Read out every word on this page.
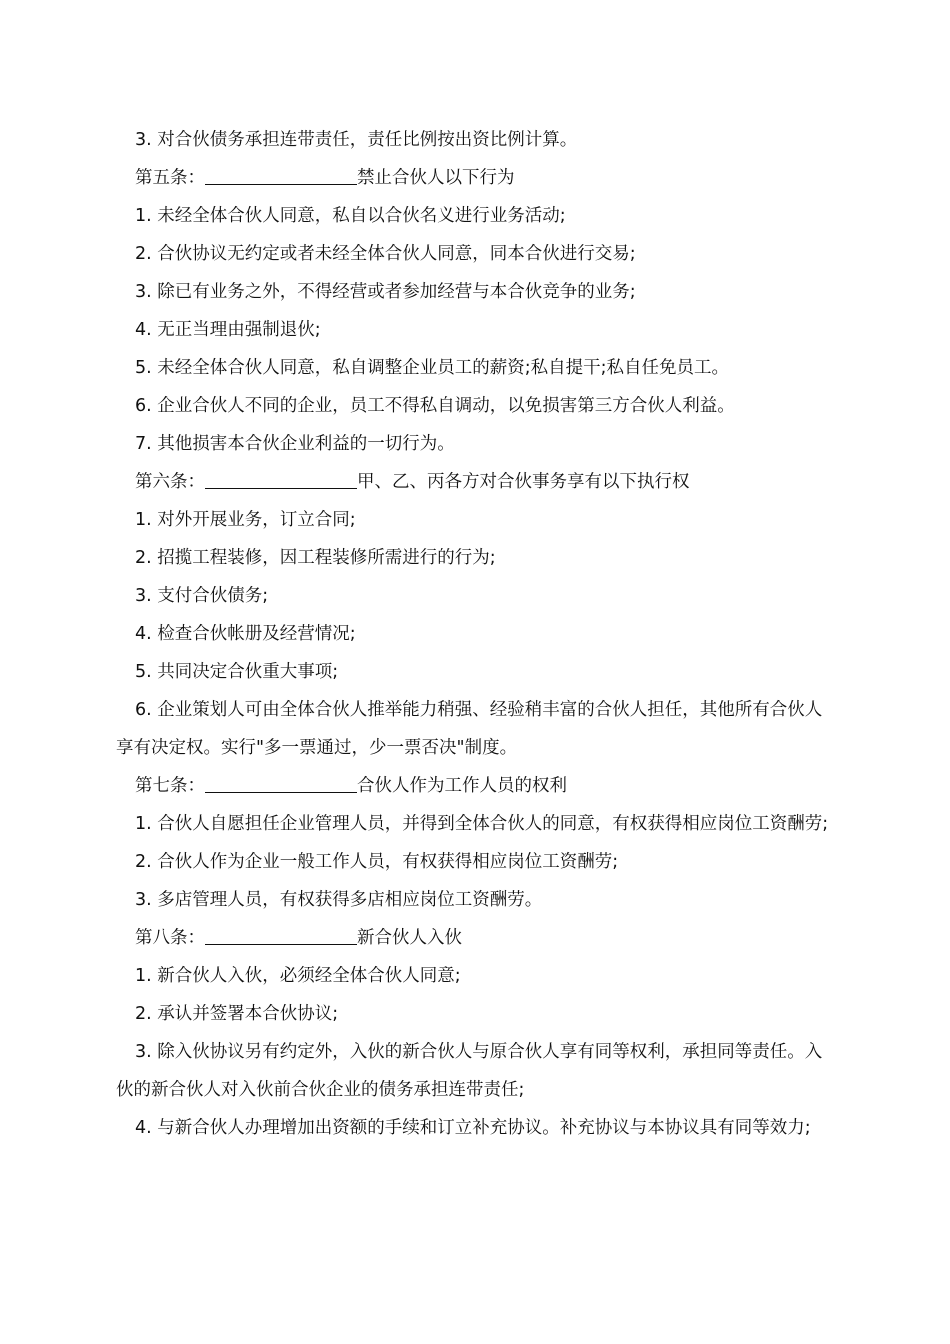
3. 对合伙债务承担连带责任，责任比例按出资比例计算。

第五条：	禁止合伙人以下行为

1. 未经全体合伙人同意，私自以合伙名义进行业务活动;

2. 合伙协议无约定或者未经全体合伙人同意，同本合伙进行交易;

3. 除已有业务之外，不得经营或者参加经营与本合伙竞争的业务;

4. 无正当理由强制退伙;

5. 未经全体合伙人同意，私自调整企业员工的薪资;私自提干;私自任免员工。

6. 企业合伙人不同的企业，员工不得私自调动，以免损害第三方合伙人利益。

7. 其他损害本合伙企业利益的一切行为。

第六条：	甲、乙、丙各方对合伙事务享有以下执行权

1. 对外开展业务，订立合同;

2. 招揽工程装修，因工程装修所需进行的行为;

3. 支付合伙债务;

4. 检查合伙帐册及经营情况;

5. 共同决定合伙重大事项;

6. 企业策划人可由全体合伙人推举能力稍强、经验稍丰富的合伙人担任，其他所有合伙人享有决定权。实行"多一票通过，少一票否决"制度。

第七条：	合伙人作为工作人员的权利

1. 合伙人自愿担任企业管理人员，并得到全体合伙人的同意，有权获得相应岗位工资酬劳;

2. 合伙人作为企业一般工作人员，有权获得相应岗位工资酬劳;

3. 多店管理人员，有权获得多店相应岗位工资酬劳。

第八条：	新合伙人入伙

1. 新合伙人入伙，必须经全体合伙人同意;

2. 承认并签署本合伙协议;

3. 除入伙协议另有约定外，入伙的新合伙人与原合伙人享有同等权利，承担同等责任。入伙的新合伙人对入伙前合伙企业的债务承担连带责任;

4. 与新合伙人办理增加出资额的手续和订立补充协议。补充协议与本协议具有同等效力;
